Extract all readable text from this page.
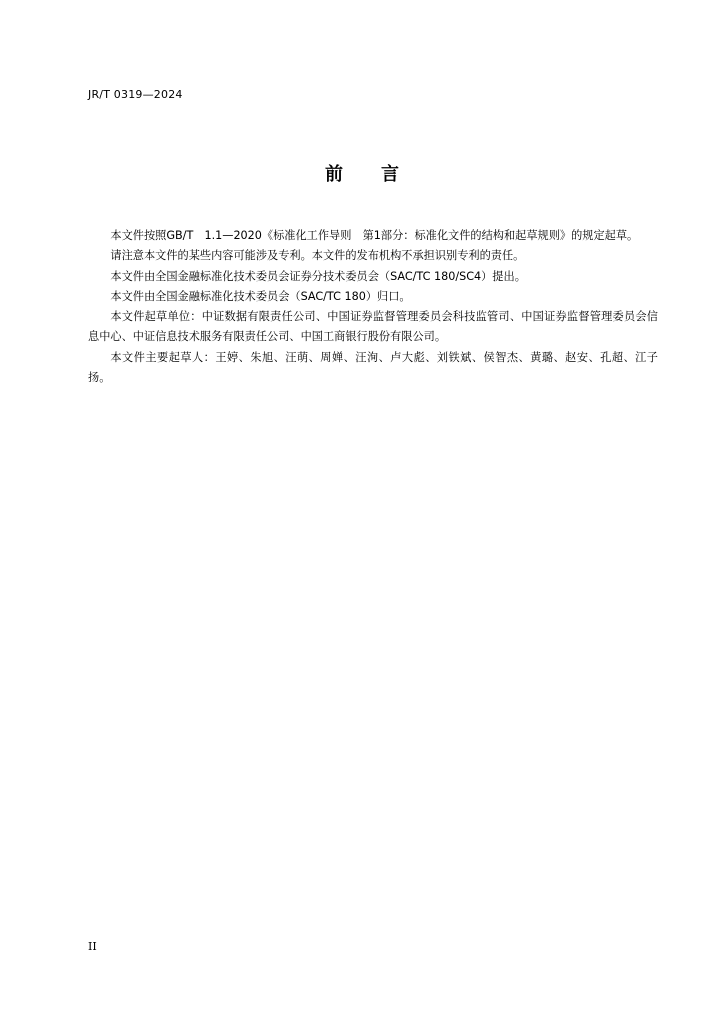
JR/T 0319—2024
前 言

本文件按照GB/T　1.1—2020《标准化工作导则　第1部分：标准化文件的结构和起草规则》的规定起草。

请注意本文件的某些内容可能涉及专利。本文件的发布机构不承担识别专利的责任。

本文件由全国金融标准化技术委员会证券分技术委员会（SAC/TC 180/SC4）提出。

本文件由全国金融标准化技术委员会（SAC/TC 180）归口。

本文件起草单位：中证数据有限责任公司、中国证券监督管理委员会科技监管司、中国证券监督管理委员会信息中心、中证信息技术服务有限责任公司、中国工商银行股份有限公司。

本文件主要起草人：王婷、朱旭、汪萌、周婵、汪洵、卢大彪、刘铁斌、侯智杰、黄璐、赵安、孔超、江子扬。

II
